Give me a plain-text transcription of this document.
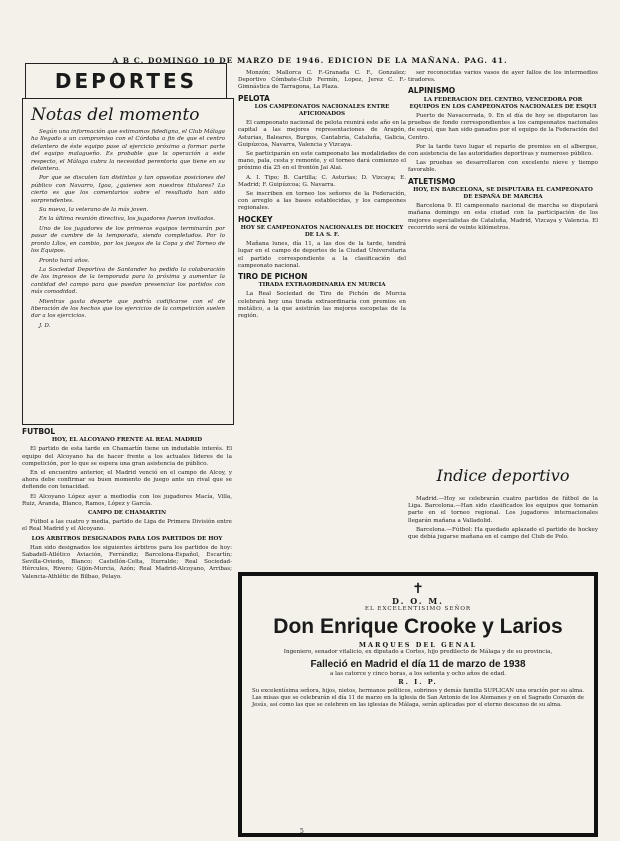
A B C. DOMINGO 10 DE MARZO DE 1946. EDICION DE LA MAÑANA. PAG. 41.
DEPORTES
Notas del momento

Según una información que estimamos fidedigna, el Club Málaga ha llegado a un compromiso con el Córdoba a fin de que el centro delantero de éste equipo pase al ejercicio próximo a formar parte del equipo malagueño. Es probable que la operación a este respecto, el Málaga cubra la necesidad perentoria que tiene en su delantera.

Por que se discuten tan distintas y tan opuestas posiciones del público con Navarro, Igoa, ¿quienes son nuestros titulares? Lo cierto es que los comentarios sobre el resultado han sido sorprendentes.

Su nueva, la veterano de la más joven.

En la última reunión directiva, los jugadores fueron invitados.

Uno de los jugadores de los primeros equipos terminarán por pasar de cumbre de la temporada, siendo completados. Por lo pronto Lílos, en cambio, por los juegos de la Copa y del Torneo de los Equipos.

Pronto hará años.

La Sociedad Deportiva de Santander ha pedido la colaboración de los ingresos de la temporada para la próxima y aumentar la cantidad del campo para que puedan presenciar los partidos con más comodidad.

Mientras gasta deporte que podría codificarse con el de liberación de los hechos que los ejercicios de la competición suelen dar a los ejercicios.

J. D.

FUTBOL
HOY, EL ALCOYANO FRENTE AL REAL MADRID

El partido de esta tarde en Chamartín tiene un indudable interés. El equipo del Alcoyano ha de hacer frente a los actuales líderes de la competición, por lo que se espera una gran asistencia de público.

En el encuentro anterior, el Madrid venció en el campo de Alcoy, y ahora debe confirmar su buen momento de juego ante un rival que se defiende con tenacidad.

El Alcoyano López ayer a mediodía con los jugadores Macía, Villa, Ruiz, Aranda, Blanco, Ramos, López y García.

CAMPO DE CHAMARTIN

Fútbol a las cuatro y media, partido de Liga de Primera División entre el Real Madrid y el Alcoyano.

LOS ARBITROS DESIGNADOS PARA LOS PARTIDOS DE HOY

Han sido designados los siguientes árbitros para los partidos de hoy: Sabadell-Atlético Aviación, Ferrándiz; Barcelona-Español, Escartín; Sevilla-Oviedo, Blanco; Castellón-Celta, Iturralde; Real Sociedad-Hércules, Rivero; Gijón-Murcia, Azón; Real Madrid-Alcoyano, Arribas; Valencia-Athlétic de Bilbao, Pelayo.

Monzón; Mallorca C. F.-Granada C. F., Gonzalez; Deportivo Cómbate-Club Fermín, Lopez, Jerez C. F.-Gimnástica de Tarragona, La Plaza.

PELOTA
LOS CAMPEONATOS NACIONALES ENTRE AFICIONADOS

El campeonato nacional de pelota reunirá este año en la capital a las mejores representaciones de Aragón, Asturias, Baleares, Burgos, Cantabria, Cataluña, Galicia, Guipúzcoa, Navarra, Valencia y Vizcaya.

Se participarán en este campeonato las modalidades de mano, pala, cesta y remonte, y el torneo dará comienzo el próximo día 25 en el frontón Jai Alai.

A. I. Tipo; B. Cartilla; C. Asturias; D. Vizcaya; E. Madrid; F. Guipúzcoa; G. Navarra.

Se inscriben en torneo los señores de la Federación, con arreglo a las bases establecidas, y los campeones regionales.

HOCKEY
HOY SE CAMPEONATOS NACIONALES DE HOCKEY DE LA S. F.

Mañana lunes, día 11, a las dos de la tarde, tendrá lugar en el campo de deportes de la Ciudad Universitaria el partido correspondiente a la clasificación del campeonato nacional.

TIRO DE PICHON
TIRADA EXTRAORDINARIA EN MURCIA

La Real Sociedad de Tiro de Pichón de Murcia celebrará hoy una tirada extraordinaria con premios en metálico, a la que asistirán las mejores escopetas de la región.

ser reconocidas varios vasos de ayer fallos de los intermedios tiradores.

ALPINISMO
LA FEDERACION DEL CENTRO, VENCEDORA POR EQUIPOS EN LOS CAMPEONATOS NACIONALES DE ESQUI

Puerto de Navacerrada, 9. En el día de hoy se disputaron las pruebas de fondo correspondientes a los campeonatos nacionales de esquí, que han sido ganados por el equipo de la Federación del Centro.

Por la tarde tuvo lugar el reparto de premios en el albergue, con asistencia de las autoridades deportivas y numeroso público.

Las pruebas se desarrollaron con excelente nieve y tiempo favorable.

ATLETISMO
HOY, EN BARCELONA, SE DISPUTARA EL CAMPEONATO DE ESPAÑA DE MARCHA

Barcelona 9. El campeonato nacional de marcha se disputará mañana domingo en esta ciudad con la participación de los mejores especialistas de Cataluña, Madrid, Vizcaya y Valencia. El recorrido será de veinte kilómetros.

Indice deportivo

Madrid.—Hoy se celebrarán cuatro partidos de fútbol de la Liga. Barcelona.—Han sido clasificados los equipos que tomarán parte en el torneo regional. Los jugadores internacionales llegarán mañana a Valladolid.

Barcelona.—Fútbol: Ha quedado aplazado el partido de hockey que debía jugarse mañana en el campo del Club de Polo.

✝
D. O. M.
EL EXCELENTISIMO SEÑOR
Don Enrique Crooke y Larios
MARQUES DEL GENAL
Ingeniero, senador vitalicio, ex diputado a Cortes, hijo predilecto de Málaga y de su provincia,
Falleció en Madrid el día 11 de marzo de 1938
a las catorce y cinco horas, a los setenta y ocho años de edad.
R. I. P.
Su excelentísima señora, hijos, nietos, hermanos políticos, sobrinos y demás familia SUPLICAN una oración por su alma. Las misas que se celebrarán el día 11 de marzo en la iglesia de San Antonio de los Alemanes y en el Sagrado Corazón de Jesús, así como las que se celebren en las iglesias de Málaga, serán aplicadas por el eterno descanso de su alma.
5
